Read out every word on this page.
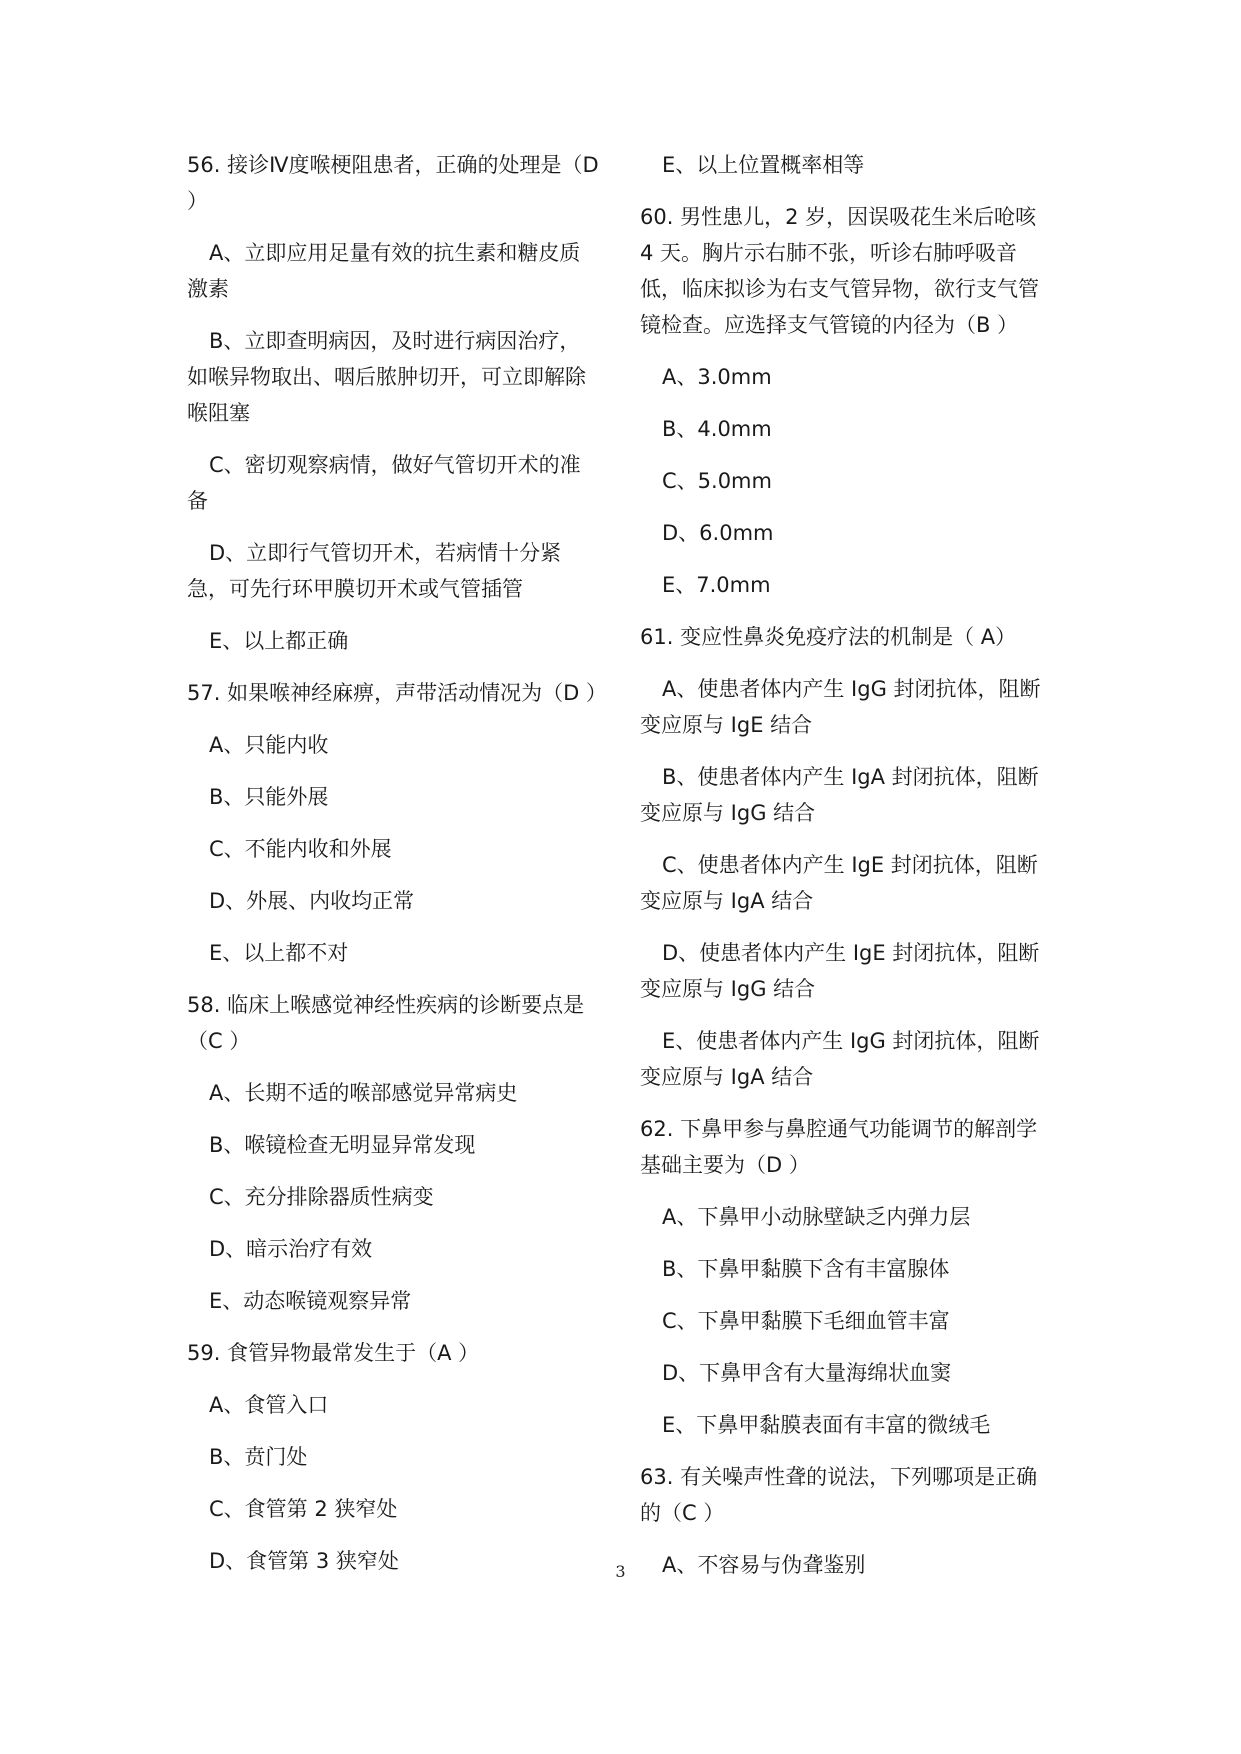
56. 接诊Ⅳ度喉梗阻患者，正确的处理是（D ）

A、立即应用足量有效的抗生素和糖皮质激素

B、立即查明病因，及时进行病因治疗，如喉异物取出、咽后脓肿切开，可立即解除喉阻塞

C、密切观察病情，做好气管切开术的准备

D、立即行气管切开术，若病情十分紧急，可先行环甲膜切开术或气管插管

E、以上都正确

57. 如果喉神经麻痹，声带活动情况为（D ）

A、只能内收

B、只能外展

C、不能内收和外展

D、外展、内收均正常

E、以上都不对

58. 临床上喉感觉神经性疾病的诊断要点是（C ）

A、长期不适的喉部感觉异常病史

B、喉镜检查无明显异常发现

C、充分排除器质性病变

D、暗示治疗有效

E、动态喉镜观察异常

59. 食管异物最常发生于（A ）

A、食管入口

B、贲门处

C、食管第 2 狭窄处

D、食管第 3 狭窄处

E、以上位置概率相等

60. 男性患儿，2 岁，因误吸花生米后呛咳 4 天。胸片示右肺不张，听诊右肺呼吸音低，临床拟诊为右支气管异物，欲行支气管镜检查。应选择支气管镜的内径为（B ）

A、3.0mm

B、4.0mm

C、5.0mm

D、6.0mm

E、7.0mm

61. 变应性鼻炎免疫疗法的机制是（ A）

A、使患者体内产生 IgG 封闭抗体，阻断变应原与 IgE 结合

B、使患者体内产生 IgA 封闭抗体，阻断变应原与 IgG 结合

C、使患者体内产生 IgE 封闭抗体，阻断变应原与 IgA 结合

D、使患者体内产生 IgE 封闭抗体，阻断变应原与 IgG 结合

E、使患者体内产生 IgG 封闭抗体，阻断变应原与 IgA 结合

62. 下鼻甲参与鼻腔通气功能调节的解剖学基础主要为（D ）

A、下鼻甲小动脉壁缺乏内弹力层

B、下鼻甲黏膜下含有丰富腺体

C、下鼻甲黏膜下毛细血管丰富

D、下鼻甲含有大量海绵状血窦

E、下鼻甲黏膜表面有丰富的微绒毛

63. 有关噪声性聋的说法，下列哪项是正确的（C ）

A、不容易与伪聋鉴别

3
